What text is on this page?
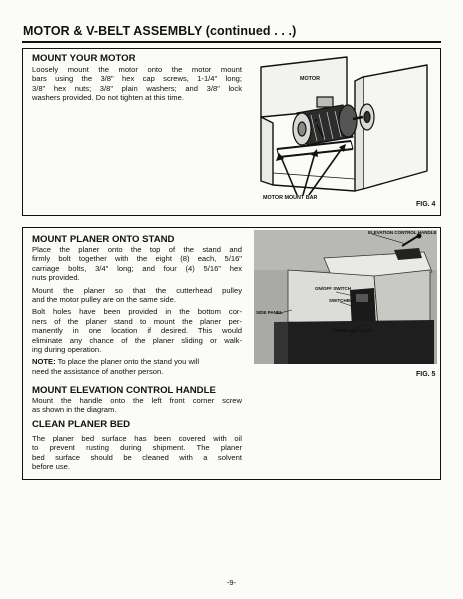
MOTOR & V-BELT ASSEMBLY (continued . . .)
MOUNT YOUR MOTOR
Loosely mount the motor onto the motor mount
bars using the 3/8" hex cap screws, 1-1/4" long;
3/8" hex nuts; 3/8" plain washers; and 3/8" lock
washers provided. Do not tighten at this time.
MOTOR
MOTOR MOUNT BAR
FIG. 4
MOUNT PLANER ONTO STAND
Place the planer onto the top of the stand and
firmly bolt together with the eight (8) each, 5/16"
carriage bolts, 3/4" long; and four (4) 5/16" hex
nuts provided.
Mount the planer so that the cutterhead pulley
and the motor pulley are on the same side.
Bolt holes have been provided in the bottom cor-
ners of the planer stand to mount the planer per-
manently in one location if desired. This would
eliminate any chance of the planer sliding or walk-
ing during operation.
NOTE: To place the planer onto the stand you will
need the assistance of another person.
MOUNT ELEVATION CONTROL HANDLE
Mount the handle onto the left front corner screw
as shown in the diagram.
CLEAN PLANER BED
The planer bed surface has been covered with oil
to prevent rusting during shipment. The planer
bed surface should be cleaned with a solvent
before use.
ELEVATION CONTROL HANDLE
ON/OFF SWITCH
SWITCHBOX
SIDE PANEL
CARRIAGE BOLTS
FIG. 5
-9-
